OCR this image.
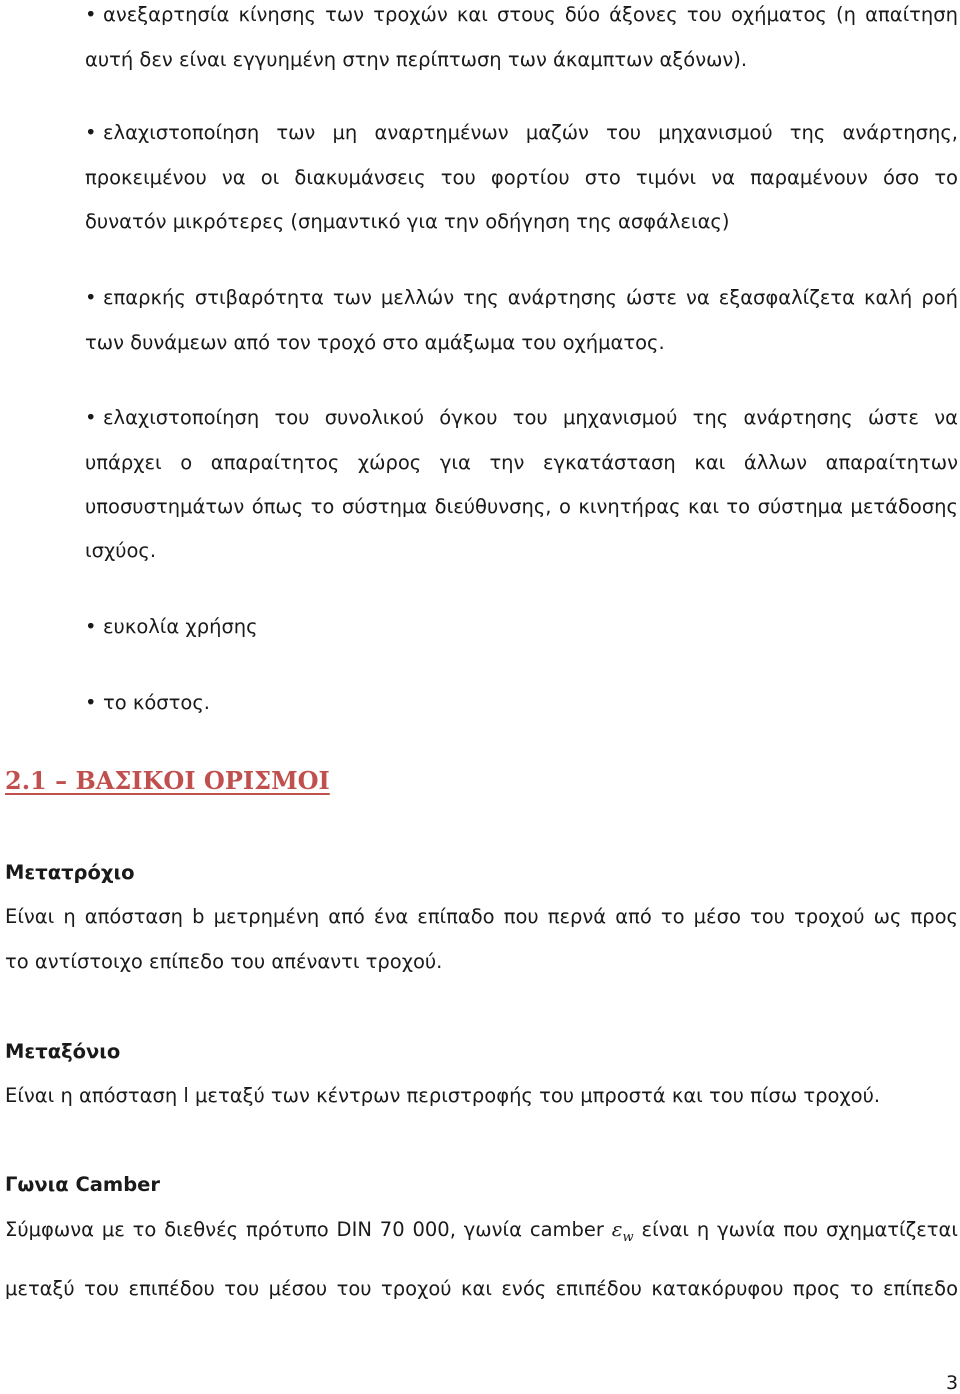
• ανεξαρτησία κίνησης των τροχών και στους δύο άξονες του οχήματος (η απαίτηση
αυτή δεν είναι εγγυημένη στην περίπτωση των άκαμπτων αξόνων).
• ελαχιστοποίηση των μη αναρτημένων μαζών του μηχανισμού της ανάρτησης,
προκειμένου να οι διακυμάνσεις του φορτίου στο τιμόνι να παραμένουν όσο το
δυνατόν μικρότερες (σημαντικό για την οδήγηση της ασφάλειας)
• επαρκής στιβαρότητα των μελλών της ανάρτησης ώστε να εξασφαλίζετα καλή ροή
των δυνάμεων από τον τροχό στο αμάξωμα του οχήματος.
• ελαχιστοποίηση του συνολικού όγκου του μηχανισμού της ανάρτησης ώστε να
υπάρχει ο απαραίτητος χώρος για την εγκατάσταση και άλλων απαραίτητων
υποσυστημάτων όπως το σύστημα διεύθυνσης, ο κινητήρας και το σύστημα μετάδοσης
ισχύος.
• ευκολία χρήσης
• το κόστος.
2.1 – ΒΑΣΙΚΟΙ ΟΡΙΣΜΟΙ
Μετατρόχιο
Είναι η απόσταση b μετρημένη από ένα επίπαδο που περνά από το μέσο του τροχού ως προς
το αντίστοιχο επίπεδο του απέναντι τροχού.
Μεταξόνιο
Είναι η απόσταση l μεταξύ των κέντρων περιστροφής του μπροστά και του πίσω τροχού.
Γωνια Camber
Σύμφωνα με το διεθνές πρότυπο DIN 70 000, γωνία camber $\varepsilon_w$ είναι η γωνία που σχηματίζεται
μεταξύ του επιπέδου του μέσου του τροχού και ενός επιπέδου κατακόρυφου προς το επίπεδο
3
